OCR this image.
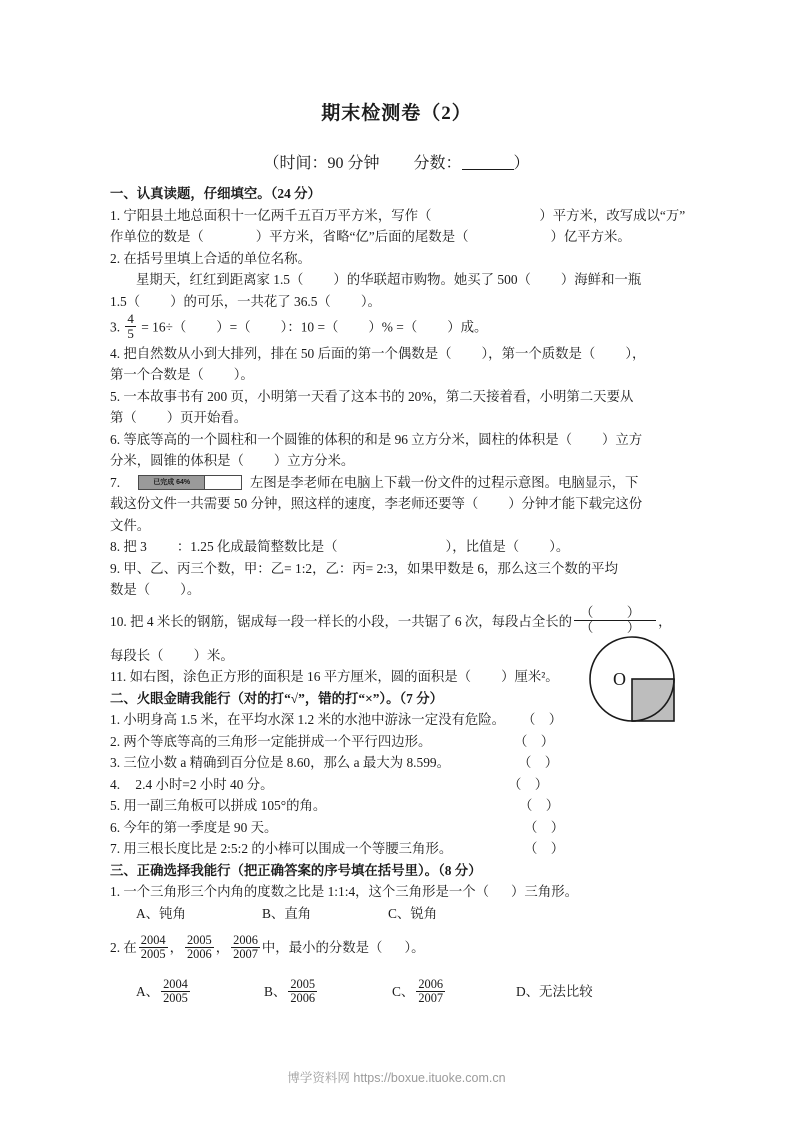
期末检测卷（2）
（时间：90 分钟 分数：	）

一、认真读题，仔细填空。（24 分）

1. 宁阳县土地总面积十一亿两千五百万平方米，写作（	）平方米，改写成以“万”

作单位的数是（	）平方米，省略“亿”后面的尾数是（	）亿平方米。

2. 在括号里填上合适的单位名称。

星期天，红红到距离家 1.5（ ）的华联超市购物。她买了 500（ ）海鲜和一瓶

1.5（ ）的可乐，一共花了 36.5（ ）。

3. $\frac{4}{5} = 16\div$（ ）=（ ）：10 =（ ）% =（ ）成。

4. 把自然数从小到大排列，排在 50 后面的第一个偶数是（ ），第一个质数是（ ），

第一个合数是（ ）。

5. 一本故事书有 200 页，小明第一天看了这本书的 20%，第二天接着看，小明第二天要从

第（ ）页开始看。

6. 等底等高的一个圆柱和一个圆锥的体积的和是 96 立方分米，圆柱的体积是（ ）立方

分米，圆锥的体积是（ ）立方分米。

7.	已完成 64%	左图是李老师在电脑上下载一份文件的过程示意图。电脑显示，下

载这份文件一共需要 50 分钟，照这样的速度，李老师还要等（ ）分钟才能下载完这份

文件。

8. 把 3 ：1.25 化成最简整数比是（	），比值是（ ）。

9. 甲、乙、丙三个数，甲：乙= 1:2，乙：丙= 2:3，如果甲数是 6，那么这三个数的平均

数是（ ）。

10. 把 4 米长的钢筋，锯成每一段一样长的小段，一共锯了 6 次，每段占全长的 $\frac{( )}{( )}$ ，

每段长（ ）米。

11. 如右图，涂色正方形的面积是 16 平方厘米，圆的面积是（ ）厘米²。

二、火眼金睛我能行（对的打“√”，错的打“×”）。（7 分）

1. 小明身高 1.5 米，在平均水深 1.2 米的水池中游泳一定没有危险。 （　）
2. 两个等底等高的三角形一定能拼成一个平行四边形。	（　）
3. 三位小数 a 精确到百分位是 8.60，那么 a 最大为 8.599。	（　）
4. 2.4 小时=2 小时 40 分。	（　）
5. 用一副三角板可以拼成 105°的角。	（　）
6. 今年的第一季度是 90 天。	（　）
7. 用三根长度比是 2:5:2 的小棒可以围成一个等腰三角形。	（　）

三、正确选择我能行（把正确答案的序号填在括号里）。（8 分）

1. 一个三角形三个内角的度数之比是 1:1:4，这个三角形是一个（ ）三角形。

A、钝角	B、直角	C、锐角

2. 在 $\frac{2004}{2005}$ ， $\frac{2005}{2006}$ ， $\frac{2006}{2007}$ 中，最小的分数是（ ）。

A、 $\frac{2004}{2005}$	B、 $\frac{2005}{2006}$	C、 $\frac{2006}{2007}$	D、无法比较

O
博学资料网 https://boxue.ituoke.com.cn
